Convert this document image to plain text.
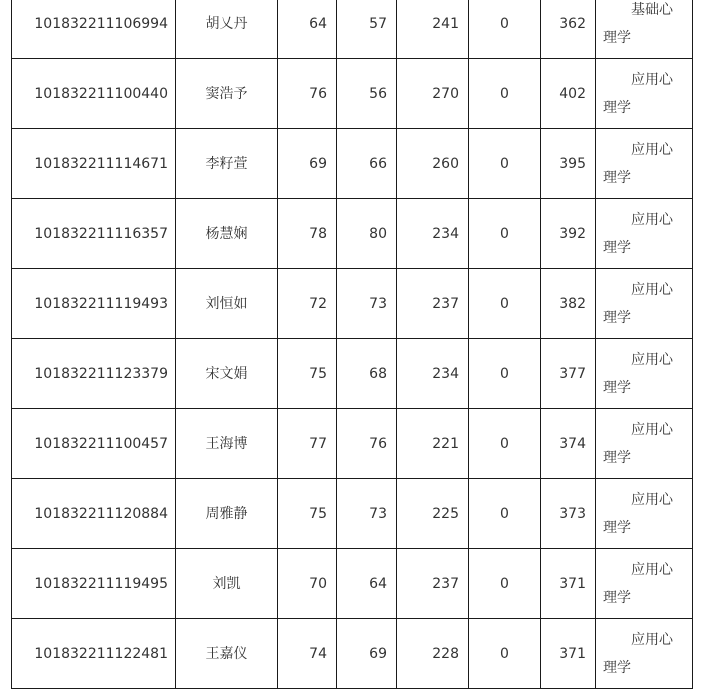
101832211106994	胡乂丹	64	57	241	0	362	基础心理学
101832211100440	窦浩予	76	56	270	0	402	应用心理学
101832211114671	李籽萱	69	66	260	0	395	应用心理学
101832211116357	杨慧娴	78	80	234	0	392	应用心理学
101832211119493	刘恒如	72	73	237	0	382	应用心理学
101832211123379	宋文娟	75	68	234	0	377	应用心理学
101832211100457	王海博	77	76	221	0	374	应用心理学
101832211120884	周雅静	75	73	225	0	373	应用心理学
101832211119495	刘凯	70	64	237	0	371	应用心理学
101832211122481	王嘉仪	74	69	228	0	371	应用心理学
